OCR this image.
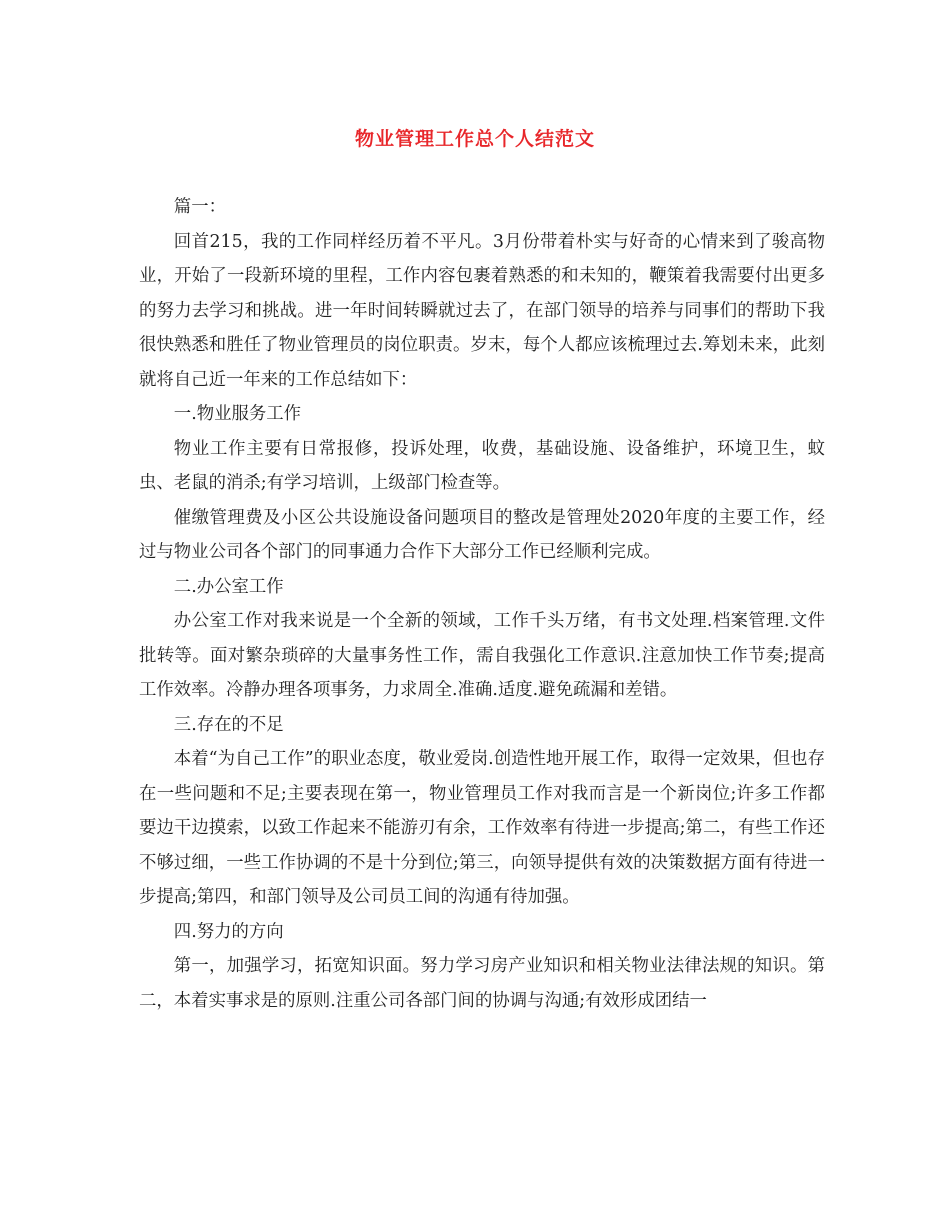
物业管理工作总个人结范文

篇一：

回首215，我的工作同样经历着不平凡。3月份带着朴实与好奇的心情来到了骏高物业，开始了一段新环境的里程，工作内容包裹着熟悉的和未知的，鞭策着我需要付出更多的努力去学习和挑战。进一年时间转瞬就过去了，在部门领导的培养与同事们的帮助下我很快熟悉和胜任了物业管理员的岗位职责。岁末，每个人都应该梳理过去.筹划未来，此刻就将自己近一年来的工作总结如下：

一.物业服务工作

物业工作主要有日常报修，投诉处理，收费，基础设施、设备维护，环境卫生，蚊虫、老鼠的消杀;有学习培训，上级部门检查等。

催缴管理费及小区公共设施设备问题项目的整改是管理处2020年度的主要工作，经过与物业公司各个部门的同事通力合作下大部分工作已经顺利完成。

二.办公室工作

办公室工作对我来说是一个全新的领域，工作千头万绪，有书文处理.档案管理.文件批转等。面对繁杂琐碎的大量事务性工作，需自我强化工作意识.注意加快工作节奏;提高工作效率。冷静办理各项事务，力求周全.准确.适度.避免疏漏和差错。

三.存在的不足

本着“为自己工作”的职业态度，敬业爱岗.创造性地开展工作，取得一定效果，但也存在一些问题和不足;主要表现在第一，物业管理员工作对我而言是一个新岗位;许多工作都要边干边摸索，以致工作起来不能游刃有余，工作效率有待进一步提高;第二，有些工作还不够过细，一些工作协调的不是十分到位;第三，向领导提供有效的决策数据方面有待进一步提高;第四，和部门领导及公司员工间的沟通有待加强。

四.努力的方向

第一，加强学习，拓宽知识面。努力学习房产业知识和相关物业法律法规的知识。第二，本着实事求是的原则.注重公司各部门间的协调与沟通;有效形成团结一
